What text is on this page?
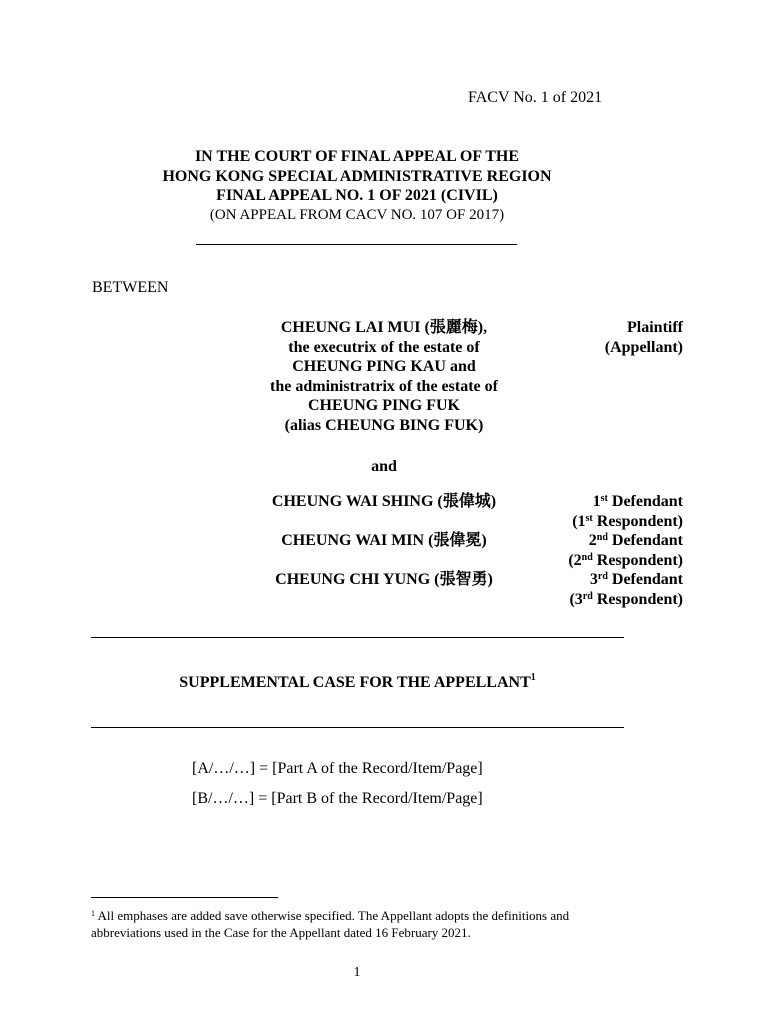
FACV No. 1 of 2021
IN THE COURT OF FINAL APPEAL OF THE
HONG KONG SPECIAL ADMINISTRATIVE REGION
FINAL APPEAL NO. 1 OF 2021 (CIVIL)
(ON APPEAL FROM CACV NO. 107 OF 2017)
BETWEEN
CHEUNG LAI MUI (張麗梅),
the executrix of the estate of
CHEUNG PING KAU and
the administratrix of the estate of
CHEUNG PING FUK
(alias CHEUNG BING FUK)
Plaintiff
(Appellant)
and
CHEUNG WAI SHING (張偉城)	1st Defendant
(1st Respondent)
CHEUNG WAI MIN (張偉冕)	2nd Defendant
(2nd Respondent)
CHEUNG CHI YUNG (張智勇)	3rd Defendant
(3rd Respondent)
SUPPLEMENTAL CASE FOR THE APPELLANT$^1$
[A/…/…] = [Part A of the Record/Item/Page]
[B/…/…] = [Part B of the Record/Item/Page]
$^1$ All emphases are added save otherwise specified. The Appellant adopts the definitions and abbreviations used in the Case for the Appellant dated 16 February 2021.
1
